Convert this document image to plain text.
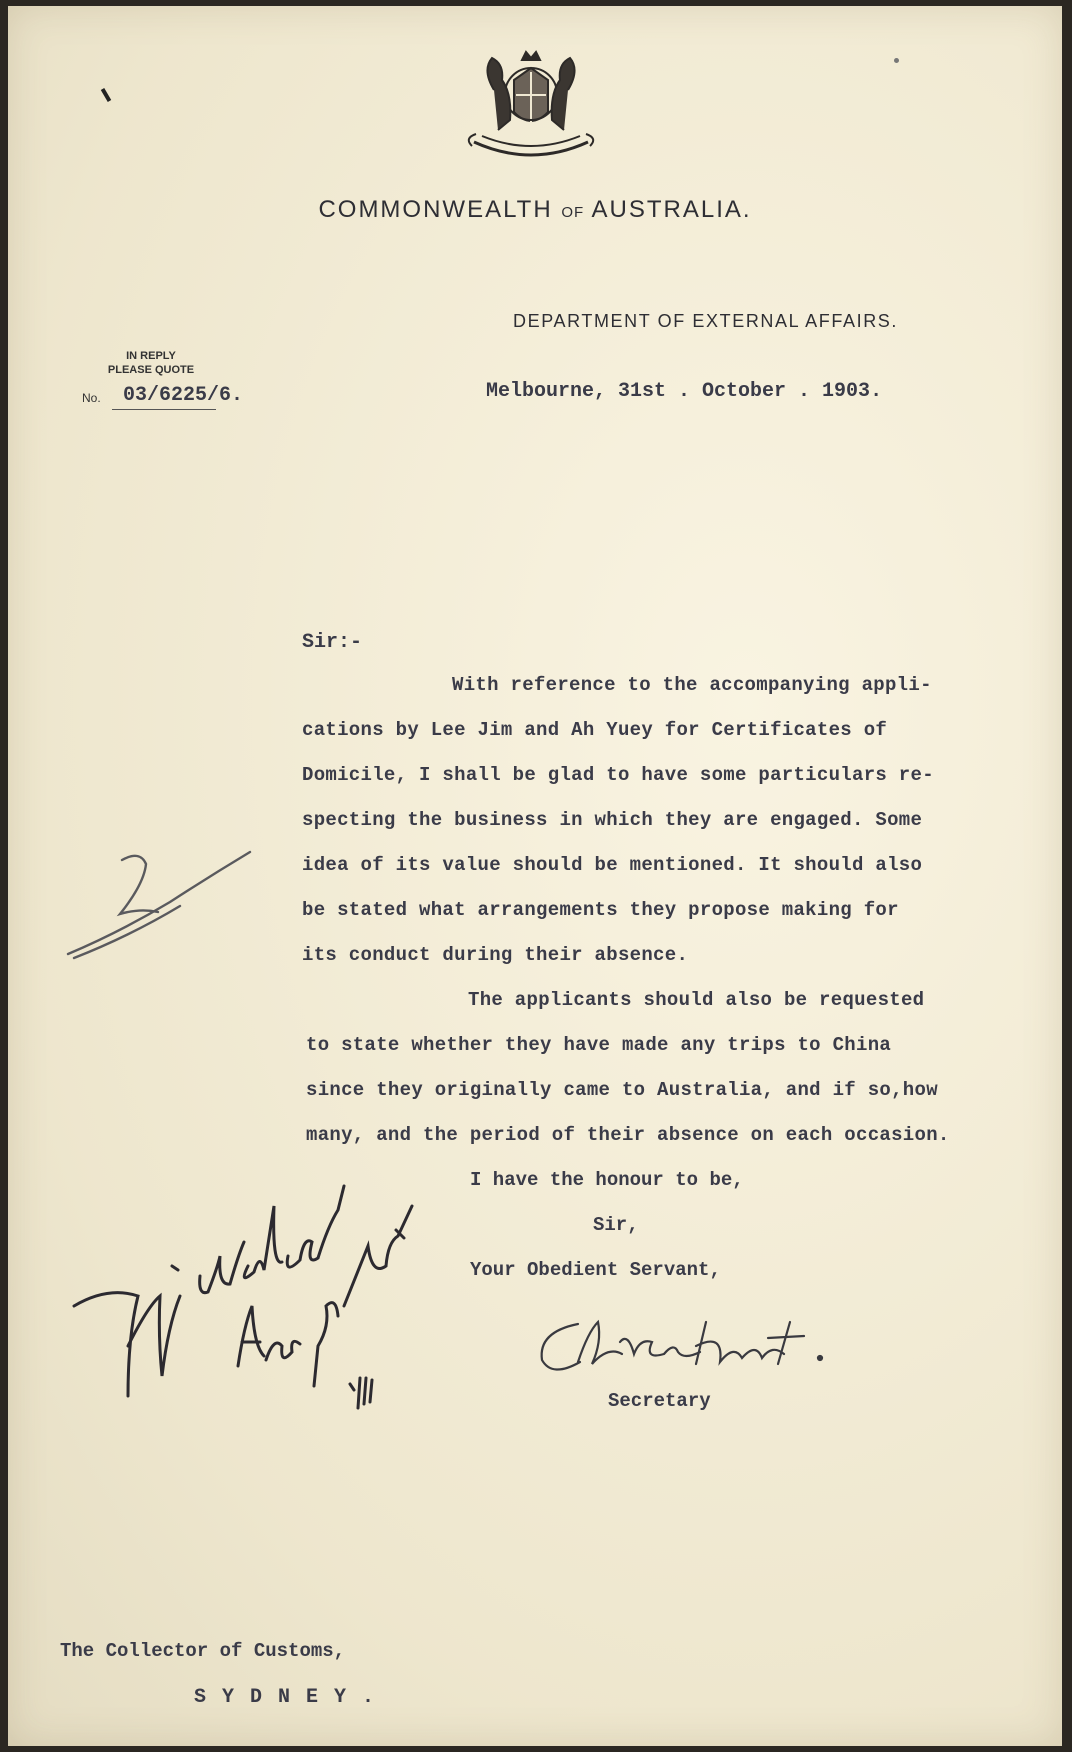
COMMONWEALTH OF AUSTRALIA.
DEPARTMENT OF EXTERNAL AFFAIRS.
IN REPLY
PLEASE QUOTE
No. 03/6225/6.	Melbourne, 31st . October . 1903.
Sir:-
With reference to the accompanying appli-
cations by Lee Jim and Ah Yuey for Certificates of
Domicile, I shall be glad to have some particulars re-
specting the business in which they are engaged. Some
idea of its value should be mentioned. It should also
be stated what arrangements they propose making for
its conduct during their absence.
The applicants should also be requested
to state whether they have made any trips to China
since they originally came to Australia, and if so,how
many, and the period of their absence on each occasion.
I have the honour to be,
Sir,
Your Obedient Servant,
Secretary
The Collector of Customs,
SYDNEY.
